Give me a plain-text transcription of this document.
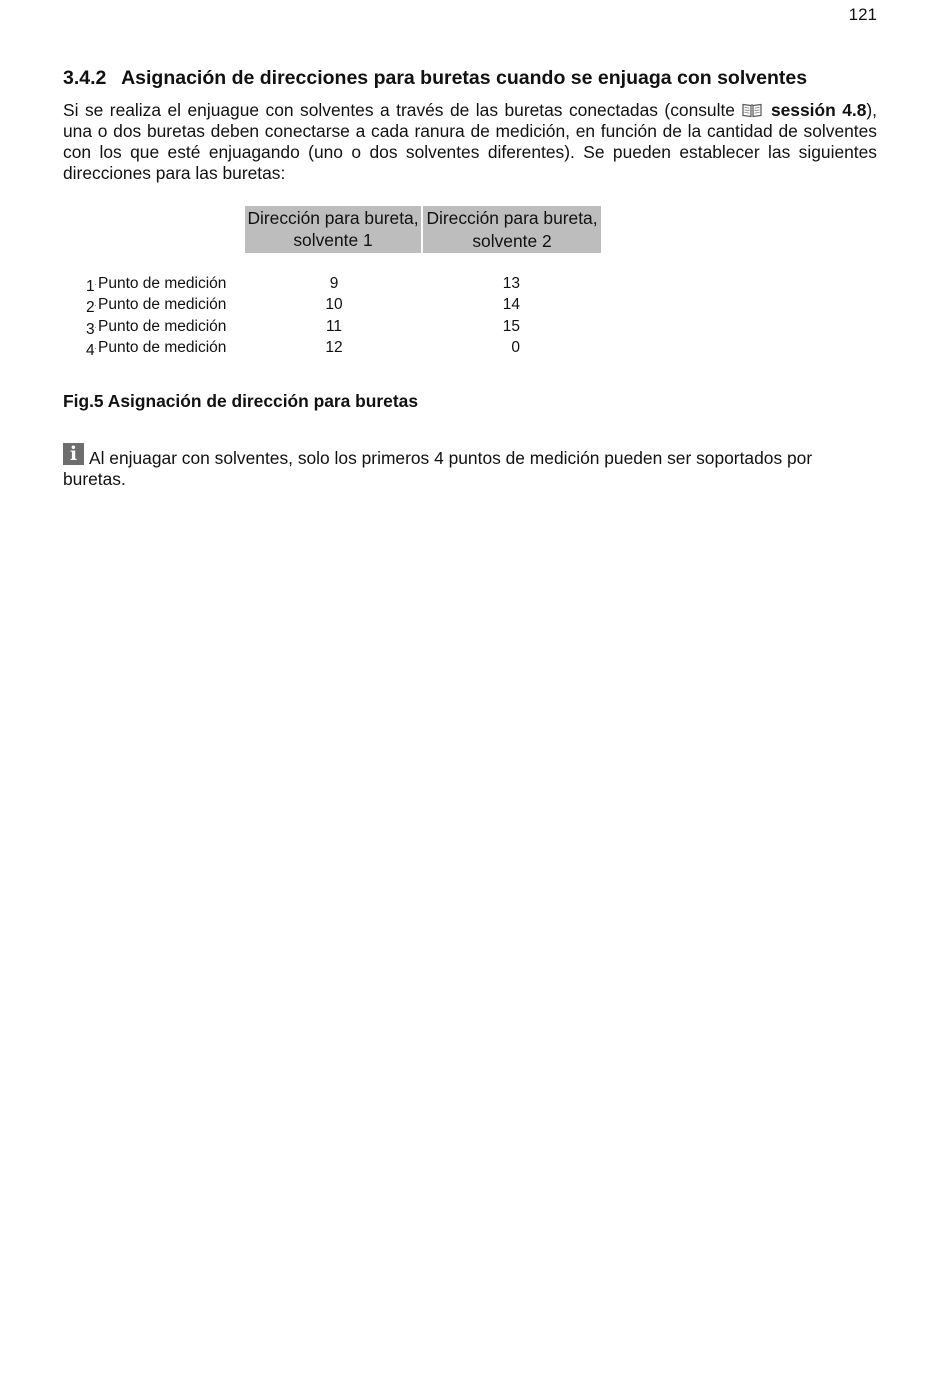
121
3.4.2 Asignación de direcciones para buretas cuando se enjuaga con solventes
Si se realiza el enjuague con solventes a través de las buretas conectadas (consulte sessión 4.8), una o dos buretas deben conectarse a cada ranura de medición, en función de la cantidad de solventes con los que esté enjuagando (uno o dos solventes diferentes). Se pueden establecer las siguientes direcciones para las buretas:
Dirección para bureta, solvente 1
Dirección para bureta, solvente 2
1. Punto de medición	9	13
2. Punto de medición	10	14
3. Punto de medición	11	15
4. Punto de medición	12	0
Fig.5 Asignación de dirección para buretas
i Al enjuagar con solventes, solo los primeros 4 puntos de medición pueden ser soportados por buretas.
